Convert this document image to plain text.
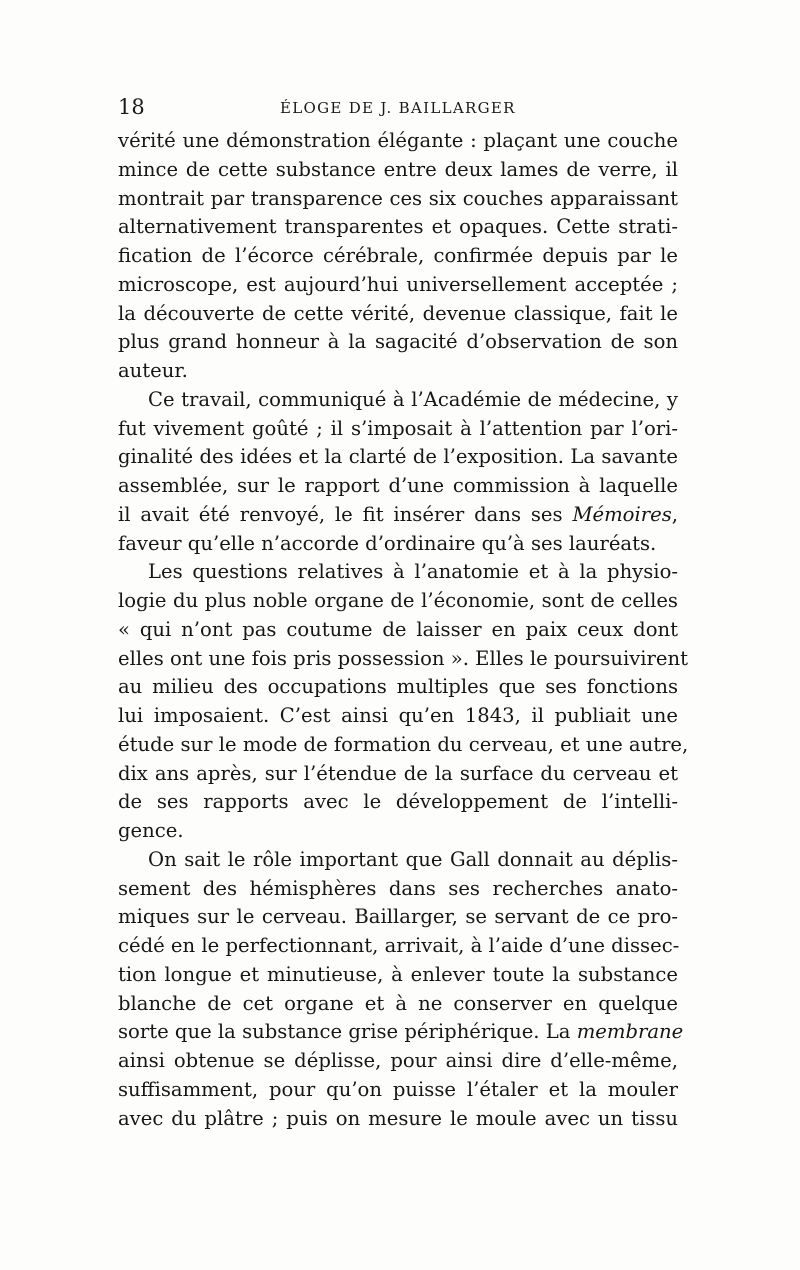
18	ÉLOGE DE J. BAILLARGER
vérité une démonstration élégante : plaçant une couche
mince de cette substance entre deux lames de verre, il
montrait par transparence ces six couches apparaissant
alternativement transparentes et opaques. Cette strati-
fication de l’écorce cérébrale, confirmée depuis par le
microscope, est aujourd’hui universellement acceptée ;
la découverte de cette vérité, devenue classique, fait le
plus grand honneur à la sagacité d’observation de son
auteur.
Ce travail, communiqué à l’Académie de médecine, y
fut vivement goûté ; il s’imposait à l’attention par l’ori-
ginalité des idées et la clarté de l’exposition. La savante
assemblée, sur le rapport d’une commission à laquelle
il avait été renvoyé, le fit insérer dans ses Mémoires,
faveur qu’elle n’accorde d’ordinaire qu’à ses lauréats.
Les questions relatives à l’anatomie et à la physio-
logie du plus noble organe de l’économie, sont de celles
« qui n’ont pas coutume de laisser en paix ceux dont
elles ont une fois pris possession ». Elles le poursuivirent
au milieu des occupations multiples que ses fonctions
lui imposaient. C’est ainsi qu’en 1843, il publiait une
étude sur le mode de formation du cerveau, et une autre,
dix ans après, sur l’étendue de la surface du cerveau et
de ses rapports avec le développement de l’intelli-
gence.
On sait le rôle important que Gall donnait au déplis-
sement des hémisphères dans ses recherches anato-
miques sur le cerveau. Baillarger, se servant de ce pro-
cédé en le perfectionnant, arrivait, à l’aide d’une dissec-
tion longue et minutieuse, à enlever toute la substance
blanche de cet organe et à ne conserver en quelque
sorte que la substance grise périphérique. La membrane
ainsi obtenue se déplisse, pour ainsi dire d’elle-même,
suffisamment, pour qu’on puisse l’étaler et la mouler
avec du plâtre ; puis on mesure le moule avec un tissu
